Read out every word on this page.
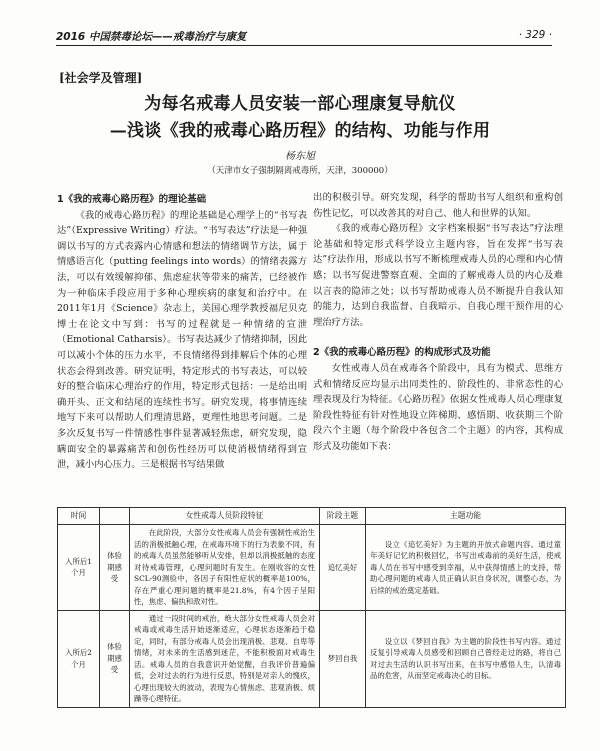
2016 中国禁毒论坛——戒毒治疗与康复	· 329 ·
[社会学及管理]
为每名戒毒人员安装一部心理康复导航仪
—浅谈《我的戒毒心路历程》的结构、功能与作用
杨东旭
（天津市女子强制隔离戒毒所，天津，300000）
1《我的戒毒心路历程》的理论基础

《我的戒毒心路历程》的理论基础是心理学上的“书写表达”（Expressive Writing）疗法。“书写表达”疗法是一种强调以书写的方式表露内心情感和想法的情绪调节方法，属于情感语言化（putting feelings into words）的情绪表露方法，可以有效缓解抑郁、焦虑症状等带来的痛苦，已经被作为一种临床手段应用于多种心理疾病的康复和治疗中。在2011年1月《Science》杂志上，美国心理学教授福尼贝克博士在论文中写到：书写的过程就是一种情绪的宣泄（Emotional Catharsis）。书写表达减少了情绪抑制，因此可以减小个体的压力水平，不良情绪得到排解后个体的心理状态会得到改善。研究证明，特定形式的书写表达，可以较好的整合临床心理治疗的作用，特定形式包括：一是给出明确开头、正文和结尾的连续性书写。研究发现，将事情连续地写下来可以帮助人们理清思路，更理性地思考问题。二是多次反复书写一件情感性事件显著减轻焦虑，研究发现，隐瞒面安全的暴露痛苦和创伤性经历可以使消极情绪得到宣泄，减小内心压力。三是根据书写结果做

出的积极引导。研究发现，科学的帮助书写人组织和重构创伤性记忆，可以改善其的对自己、他人和世界的认知。

《我的戒毒心路历程》文字档案根据“书写表达”疗法理论基础和特定形式科学设立主题内容，旨在发挥“书写表达”疗法作用，形成以书写不断梳理戒毒人员的心理和内心情感；以书写促进警察直观、全面的了解戒毒人员的内心及难以言表的隐沛之处；以书写帮助戒毒人员不断提升自我认知的能力，达到自我监督、自我暗示、自我心理干预作用的心理治疗方法。

2《我的戒毒心路历程》的构成形式及功能

女性戒毒人员在戒毒各个阶段中，具有为模式、思维方式和情绪反应均显示出同类性的、阶段性的、非常态性的心理表现及行为特征。《心路历程》依据女性戒毒人员心理康复阶段性特征有针对性地设立阵梯期、感悟期、收获期三个阶段六个主题（每个阶段中各包含二个主题）的内容，其构成形式及功能如下表：

时间		女性戒毒人员阶段特征	阶段主题	主题功能
入所后1个月	体验期感受	在此阶段，大部分女性戒毒人员会有强制性戒治生活的消极抵触心理，在戒毒环境下的行为表象不同，有的戒毒人员虽然能够听从安排，但却以消极抵触的态度对待戒毒管理，心理问题时有发生。在刚收容的女性SCL-90测验中，各因子有阳性症状的概率是100%，存在严重心理问题的概率是21.8%，有4个因子呈阳性，焦虑、偏执和敌对性。	追忆美好	设立《追忆美好》为主题的开放式命题内容。通过童年美好记忆的积极回忆，书写出戒毒前的美好生活，使戒毒人员在书写中感受到幸福，从中获得情感上的支持，帮助心理问题的戒毒人员正确认识自身状况，调整心态，为后续的戒治奠定基础。

入所后2个月	体验期感受	通过一段时间的戒治，绝大部分女性戒毒人员会对戒毒或戒毒生活开始逐渐适应，心理状态逐渐趋于稳定，同时，有部分戒毒人员会出现消极、悲观、自卑等情绪，对未来的生活感到迷茫，不能积极面对戒毒生活。戒毒人员的自我意识开始觉醒，自我评价普遍偏低，会对过去的行为进行反思，特别是对亲人的愧疚，心理出现较大的波动，表现为心情焦虑、悲观消极、烦躁等心理特征。	梦回自我	设立以《梦回自我》为主题的阶段性书写内容。通过反复引导戒毒人员感受和回顾自己曾经走过的路，将自己对过去生活的认识书写出来，在书写中感悟人生，认清毒品的危害，从而坚定戒毒决心的目标。
